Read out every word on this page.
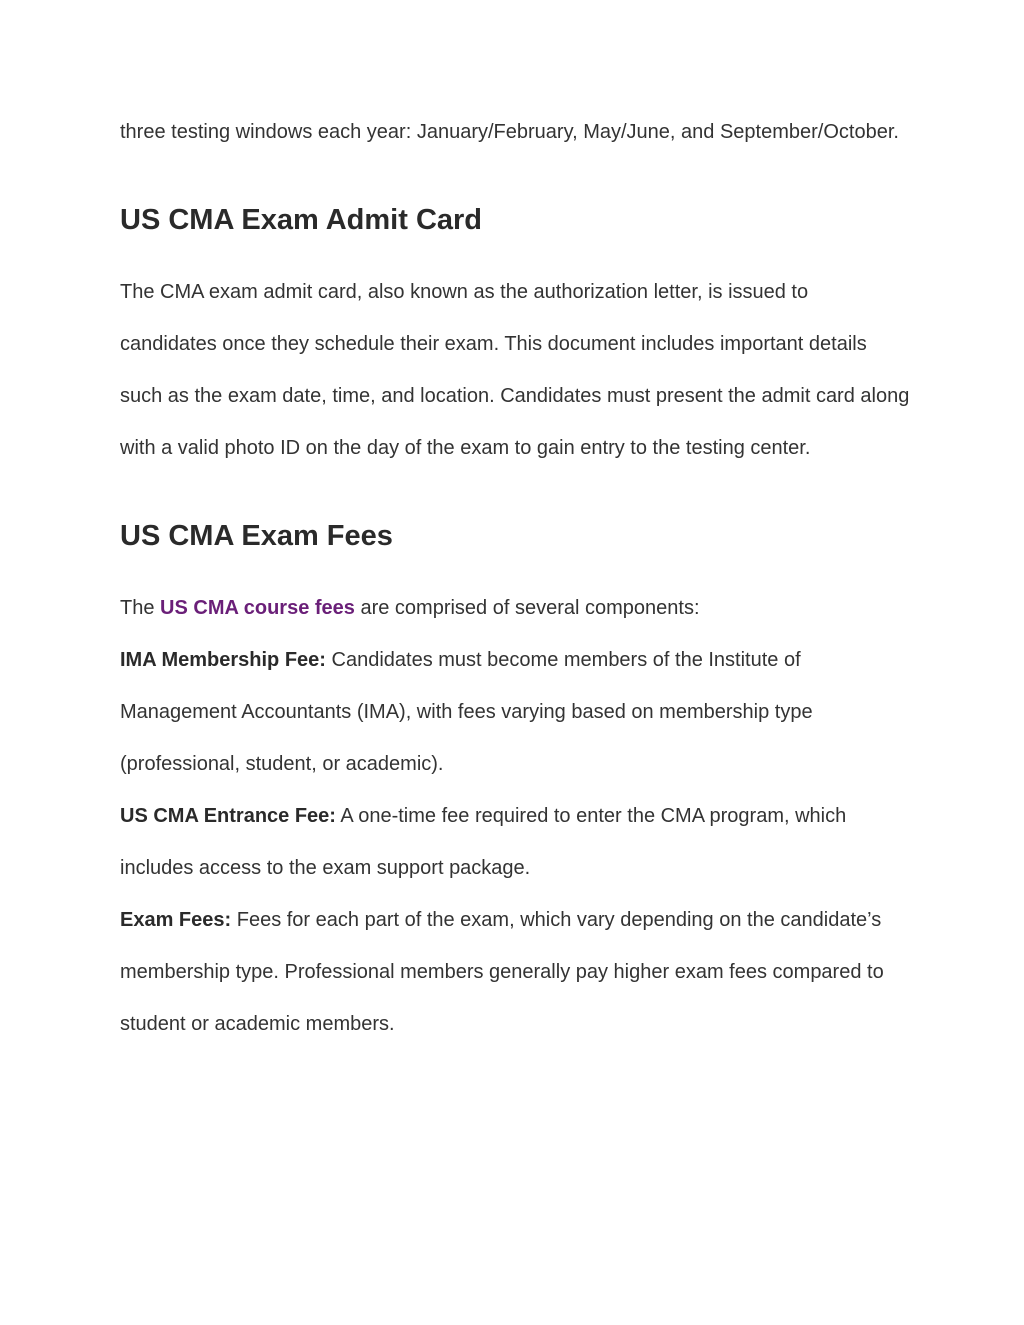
three testing windows each year: January/February, May/June, and September/October.

US CMA Exam Admit Card

The CMA exam admit card, also known as the authorization letter, is issued to candidates once they schedule their exam. This document includes important details such as the exam date, time, and location. Candidates must present the admit card along with a valid photo ID on the day of the exam to gain entry to the testing center.

US CMA Exam Fees

The US CMA course fees are comprised of several components:

IMA Membership Fee: Candidates must become members of the Institute of Management Accountants (IMA), with fees varying based on membership type (professional, student, or academic).

US CMA Entrance Fee: A one-time fee required to enter the CMA program, which includes access to the exam support package.

Exam Fees: Fees for each part of the exam, which vary depending on the candidate’s membership type. Professional members generally pay higher exam fees compared to student or academic members.
